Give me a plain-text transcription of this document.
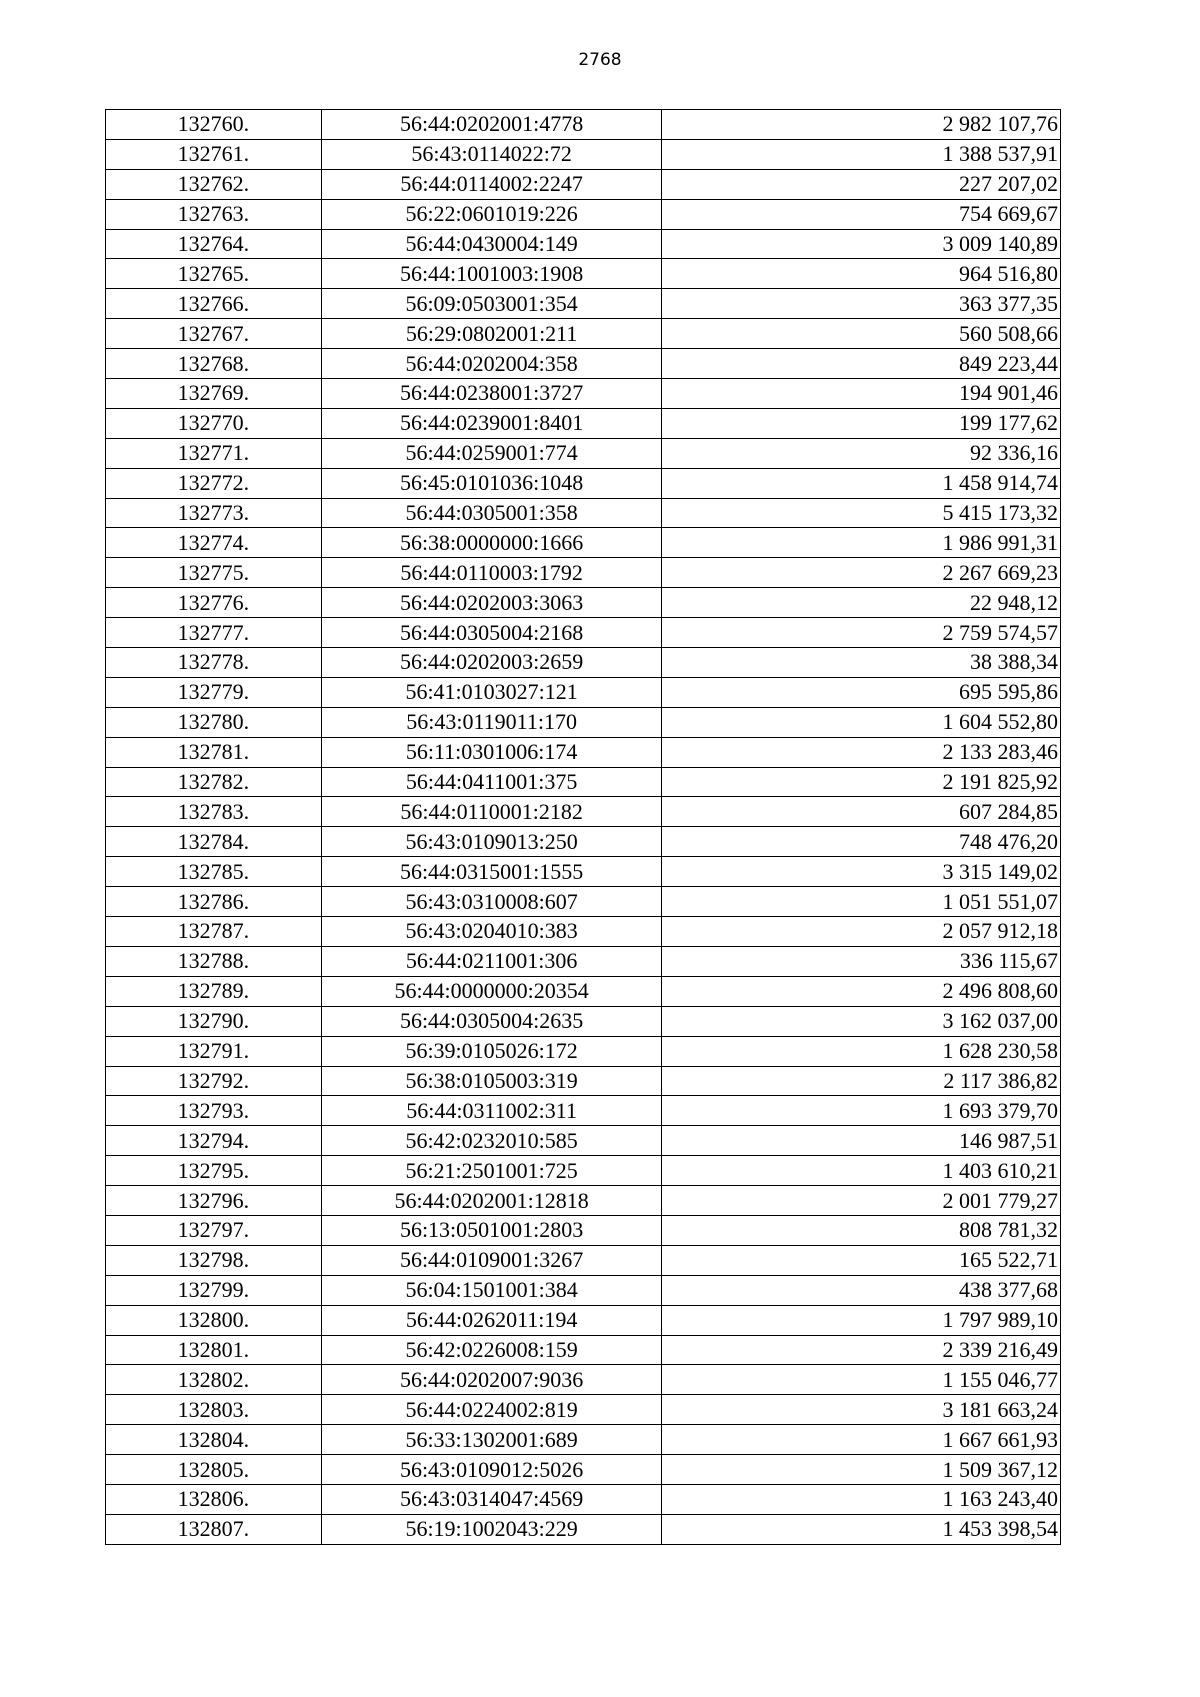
2768
132760.	56:44:0202001:4778	2 982 107,76
132761.	56:43:0114022:72	1 388 537,91
132762.	56:44:0114002:2247	227 207,02
132763.	56:22:0601019:226	754 669,67
132764.	56:44:0430004:149	3 009 140,89
132765.	56:44:1001003:1908	964 516,80
132766.	56:09:0503001:354	363 377,35
132767.	56:29:0802001:211	560 508,66
132768.	56:44:0202004:358	849 223,44
132769.	56:44:0238001:3727	194 901,46
132770.	56:44:0239001:8401	199 177,62
132771.	56:44:0259001:774	92 336,16
132772.	56:45:0101036:1048	1 458 914,74
132773.	56:44:0305001:358	5 415 173,32
132774.	56:38:0000000:1666	1 986 991,31
132775.	56:44:0110003:1792	2 267 669,23
132776.	56:44:0202003:3063	22 948,12
132777.	56:44:0305004:2168	2 759 574,57
132778.	56:44:0202003:2659	38 388,34
132779.	56:41:0103027:121	695 595,86
132780.	56:43:0119011:170	1 604 552,80
132781.	56:11:0301006:174	2 133 283,46
132782.	56:44:0411001:375	2 191 825,92
132783.	56:44:0110001:2182	607 284,85
132784.	56:43:0109013:250	748 476,20
132785.	56:44:0315001:1555	3 315 149,02
132786.	56:43:0310008:607	1 051 551,07
132787.	56:43:0204010:383	2 057 912,18
132788.	56:44:0211001:306	336 115,67
132789.	56:44:0000000:20354	2 496 808,60
132790.	56:44:0305004:2635	3 162 037,00
132791.	56:39:0105026:172	1 628 230,58
132792.	56:38:0105003:319	2 117 386,82
132793.	56:44:0311002:311	1 693 379,70
132794.	56:42:0232010:585	146 987,51
132795.	56:21:2501001:725	1 403 610,21
132796.	56:44:0202001:12818	2 001 779,27
132797.	56:13:0501001:2803	808 781,32
132798.	56:44:0109001:3267	165 522,71
132799.	56:04:1501001:384	438 377,68
132800.	56:44:0262011:194	1 797 989,10
132801.	56:42:0226008:159	2 339 216,49
132802.	56:44:0202007:9036	1 155 046,77
132803.	56:44:0224002:819	3 181 663,24
132804.	56:33:1302001:689	1 667 661,93
132805.	56:43:0109012:5026	1 509 367,12
132806.	56:43:0314047:4569	1 163 243,40
132807.	56:19:1002043:229	1 453 398,54
